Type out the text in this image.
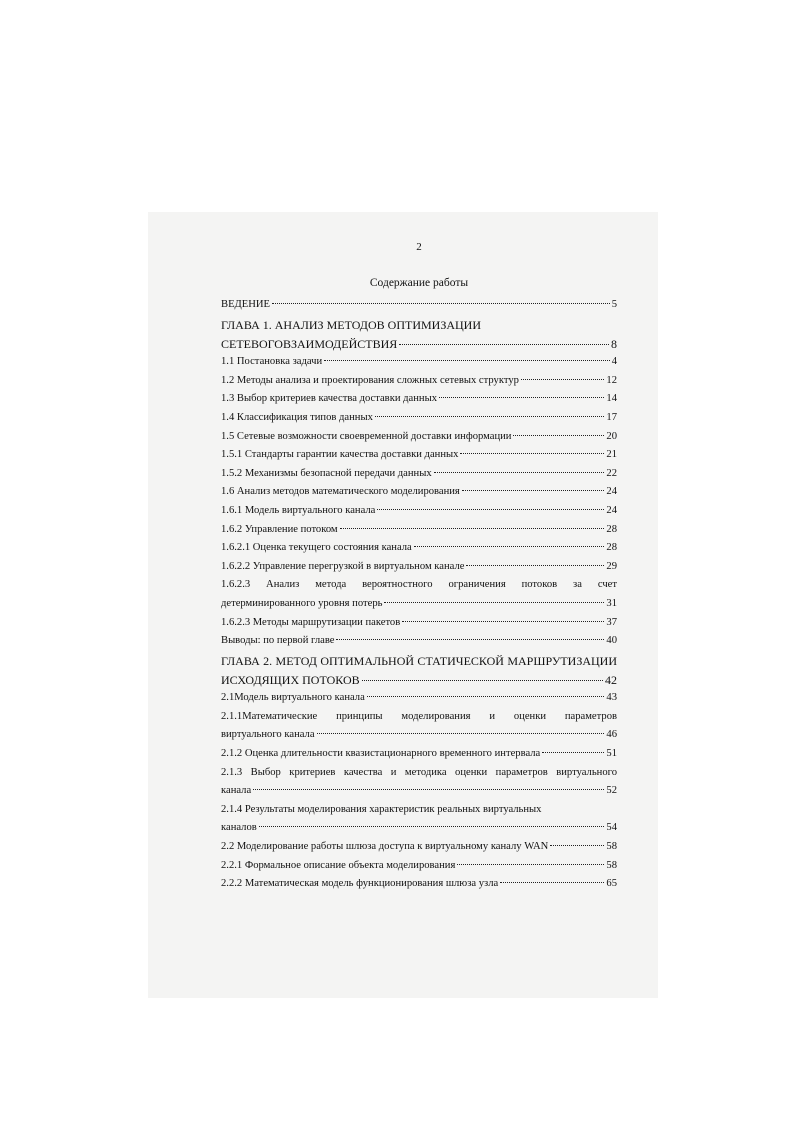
2
Содержание работы
ВЕДЕНИЕ	5
ГЛАВА 1. АНАЛИЗ МЕТОДОВ ОПТИМИЗАЦИИ
СЕТЕВОГОВЗАИМОДЕЙСТВИЯ	8
1.1 Постановка задачи	4
1.2 Методы анализа и проектирования сложных сетевых структур	12
1.3 Выбор критериев качества доставки данных	14
1.4 Классификация типов данных	17
1.5 Сетевые возможности своевременной доставки информации	20
1.5.1 Стандарты гарантии качества доставки данных	21
1.5.2 Механизмы безопасной передачи данных	22
1.6 Анализ методов математического моделирования	24
1.6.1 Модель виртуального канала	24
1.6.2 Управление потоком	28
1.6.2.1 Оценка текущего состояния канала	28
1.6.2.2 Управление перегрузкой в виртуальном канале	29
1.6.2.3 Анализ метода вероятностного ограничения потоков за счет
детерминированного уровня потерь	31
1.6.2.3 Методы маршрутизации пакетов	37
Выводы: по первой главе	40
ГЛАВА 2. МЕТОД ОПТИМАЛЬНОЙ СТАТИЧЕСКОЙ МАРШРУТИЗАЦИИ
ИСХОДЯЩИХ ПОТОКОВ	42
2.1Модель виртуального канала	43
2.1.1Математические принципы моделирования и оценки параметров
виртуального канала	46
2.1.2 Оценка длительности квазистационарного временного интервала	51
2.1.3 Выбор критериев качества и методика оценки параметров виртуального
канала	52
2.1.4 Результаты моделирования характеристик реальных виртуальных
каналов	54
2.2 Моделирование работы шлюза доступа к виртуальному каналу WAN	58
2.2.1 Формальное описание объекта моделирования	58
2.2.2 Математическая модель функционирования шлюза узла	65
